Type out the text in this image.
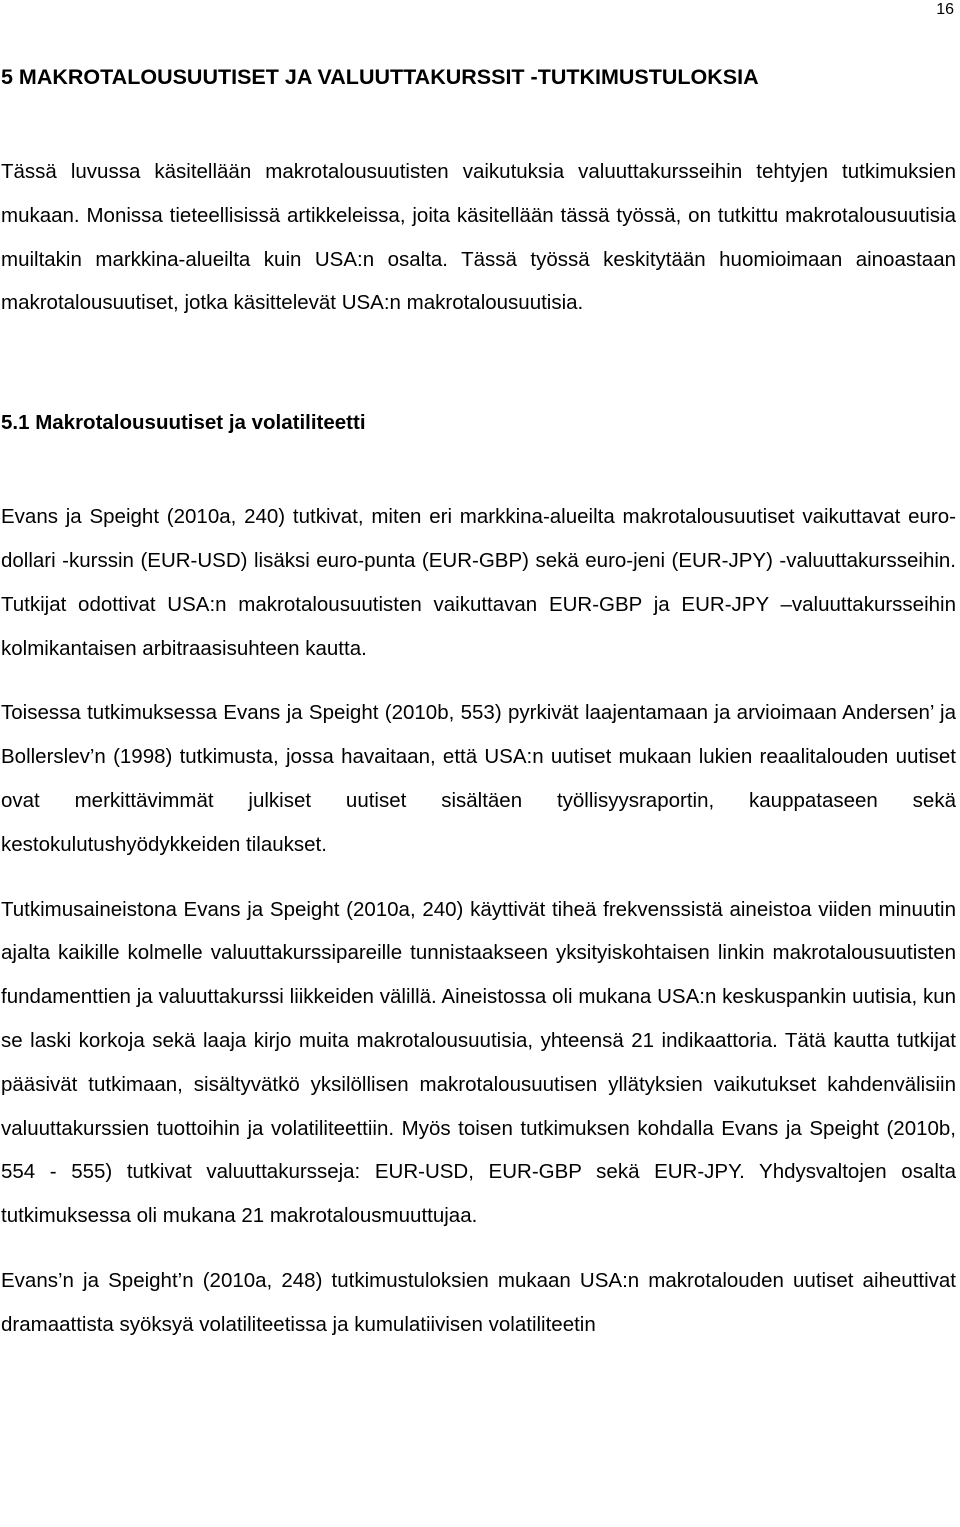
16
5 MAKROTALOUSUUTISET JA VALUUTTAKURSSIT -TUTKIMUSTULOKSIA

Tässä luvussa käsitellään makrotalousuutisten vaikutuksia valuuttakursseihin tehtyjen tutkimuksien mukaan. Monissa tieteellisissä artikkeleissa, joita käsitellään tässä työssä, on tutkittu makrotalousuutisia muiltakin markkina-alueilta kuin USA:n osalta. Tässä työssä keskitytään huomioimaan ainoastaan makrotalousuutiset, jotka käsittelevät USA:n makrotalousuutisia.

5.1 Makrotalousuutiset ja volatiliteetti

Evans ja Speight (2010a, 240) tutkivat, miten eri markkina-alueilta makrotalousuutiset vaikuttavat euro-dollari -kurssin (EUR-USD) lisäksi euro-punta (EUR-GBP) sekä euro-jeni (EUR-JPY) -valuuttakursseihin. Tutkijat odottivat USA:n makrotalousuutisten vaikuttavan EUR-GBP ja EUR-JPY –valuuttakursseihin kolmikantaisen arbitraasisuhteen kautta.

Toisessa tutkimuksessa Evans ja Speight (2010b, 553) pyrkivät laajentamaan ja arvioimaan Andersen’ ja Bollerslev’n (1998) tutkimusta, jossa havaitaan, että USA:n uutiset mukaan lukien reaalitalouden uutiset ovat merkittävimmät julkiset uutiset sisältäen työllisyysraportin, kauppataseen sekä kestokulutushyödykkeiden tilaukset.

Tutkimusaineistona Evans ja Speight (2010a, 240) käyttivät tiheä frekvenssistä aineistoa viiden minuutin ajalta kaikille kolmelle valuuttakurssipareille tunnistaakseen yksityiskohtaisen linkin makrotalousuutisten fundamenttien ja valuuttakurssi liikkeiden välillä. Aineistossa oli mukana USA:n keskuspankin uutisia, kun se laski korkoja sekä laaja kirjo muita makrotalousuutisia, yhteensä 21 indikaattoria. Tätä kautta tutkijat pääsivät tutkimaan, sisältyvätkö yksilöllisen makrotalousuutisen yllätyksien vaikutukset kahdenvälisiin valuuttakurssien tuottoihin ja volatiliteettiin. Myös toisen tutkimuksen kohdalla Evans ja Speight (2010b, 554 - 555) tutkivat valuuttakursseja: EUR-USD, EUR-GBP sekä EUR-JPY. Yhdysvaltojen osalta tutkimuksessa oli mukana 21 makrotalousmuuttujaa.

Evans’n ja Speight’n (2010a, 248) tutkimustuloksien mukaan USA:n makrotalouden uutiset aiheuttivat dramaattista syöksyä volatiliteetissa ja kumulatiivisen volatiliteetin
